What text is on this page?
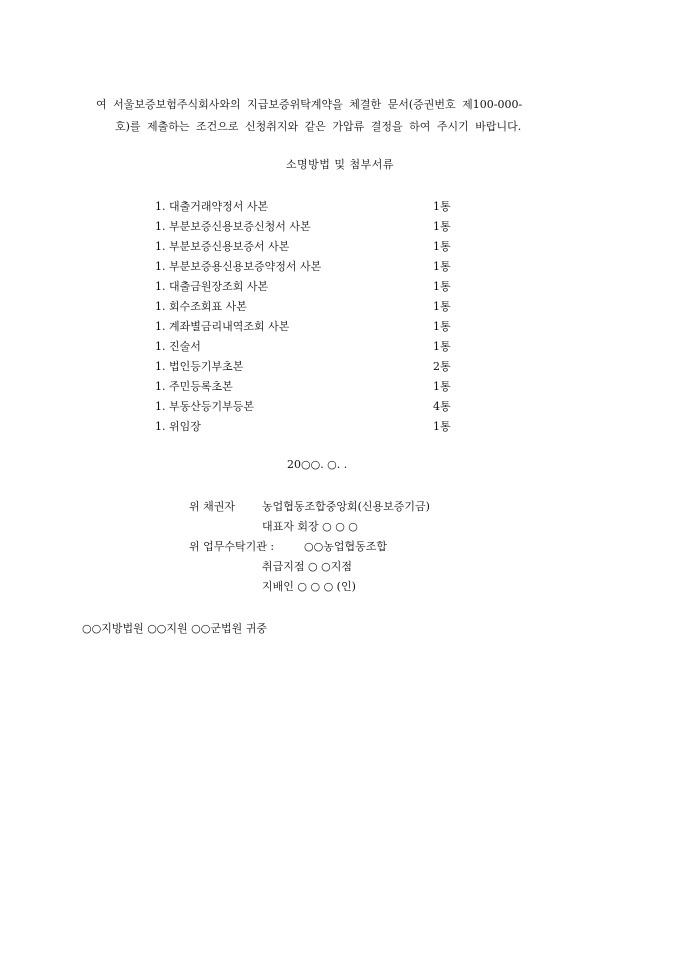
여 서울보증보험주식회사와의 지급보증위탁계약을 체결한 문서(증권번호 제100-000-
호)를 제출하는 조건으로 신청취지와 같은 가압류 결정을 하여 주시기 바랍니다.
소명방법 및 첨부서류
1. 대출거래약정서 사본	1통
1. 부분보증신용보증신청서 사본	1통
1. 부분보증신용보증서 사본	1통
1. 부분보증용신용보증약정서 사본	1통
1. 대출금원장조회 사본	1통
1. 회수조회표 사본	1통
1. 계좌별금리내역조회 사본	1통
1. 진술서	1통
1. 법인등기부초본	2통
1. 주민등록초본	1통
1. 부동산등기부등본	4통
1. 위임장	1통
20○○. ○. .
위 채권자 농업협동조합중앙회(신용보증기금)
대표자 회장 ○ ○ ○
위 업무수탁기관 :	○○농업협동조합
취급지점 ○ ○지점
지배인 ○ ○ ○ (인)
○○지방법원 ○○지원 ○○군법원 귀중
